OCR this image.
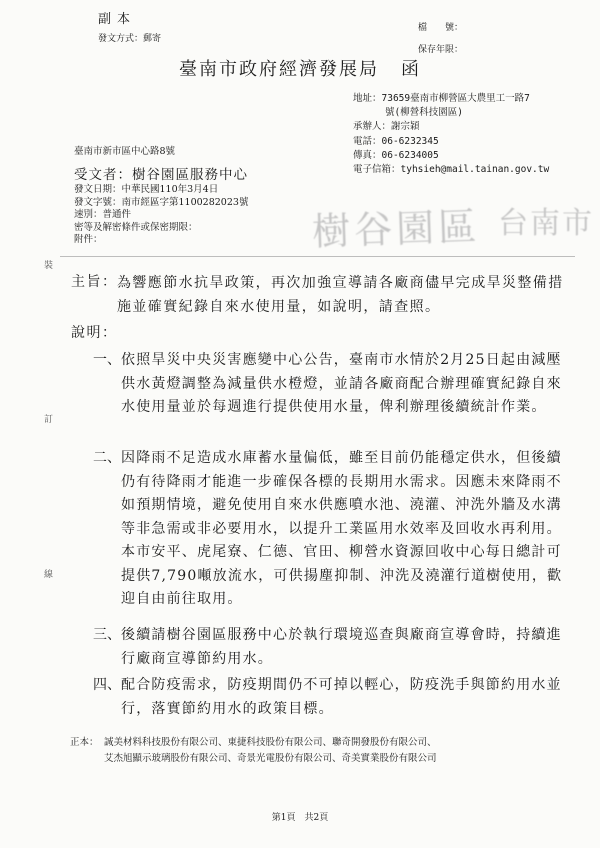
副本
發文方式：郵寄
檔　　號：
保存年限：
臺南市政府經濟發展局 函
地址：73659臺南市柳營區大農里工一路7
號(柳營科技園區)
承辦人：謝宗穎
電話：06-6232345
傳真：06-6234005
電子信箱：tyhsieh@mail.tainan.gov.tw
臺南市新市區中心路8號
受文者：樹谷園區服務中心
發文日期：中華民國110年3月4日
發文字號：南市經區字第1100282023號
速別：普通件
密等及解密條件或保密期限：
附件：	樹谷園區 台南市
裝
訂
線
主旨： 為響應節水抗旱政策，再次加強宣導請各廠商儘早完成旱災整備措施並確實紀錄自來水使用量，如說明，請查照。
說明：
一、 依照旱災中央災害應變中心公告，臺南市水情於2月25日起由減壓供水黃燈調整為減量供水橙燈，並請各廠商配合辦理確實紀錄自來水使用量並於每週進行提供使用水量，俾利辦理後續統計作業。
二、 因降雨不足造成水庫蓄水量偏低，雖至目前仍能穩定供水，但後續仍有待降雨才能進一步確保各標的長期用水需求。因應未來降雨不如預期情境，避免使用自來水供應噴水池、澆灌、沖洗外牆及水溝等非急需或非必要用水，以提升工業區用水效率及回收水再利用。本市安平、虎尾寮、仁德、官田、柳營水資源回收中心每日總計可提供7,790噸放流水，可供揚塵抑制、沖洗及澆灌行道樹使用，歡迎自由前往取用。
三、 後續請樹谷園區服務中心於執行環境巡查與廠商宣導會時，持續進行廠商宣導節約用水。
四、 配合防疫需求，防疫期間仍不可掉以輕心，防疫洗手與節約用水並行，落實節約用水的政策目標。
正本： 誠美材料科技股份有限公司、東捷科技股份有限公司、聯奇開發股份有限公司、
艾杰旭顯示玻璃股份有限公司、奇景光電股份有限公司、奇美實業股份有限公司
第1頁　共2頁
